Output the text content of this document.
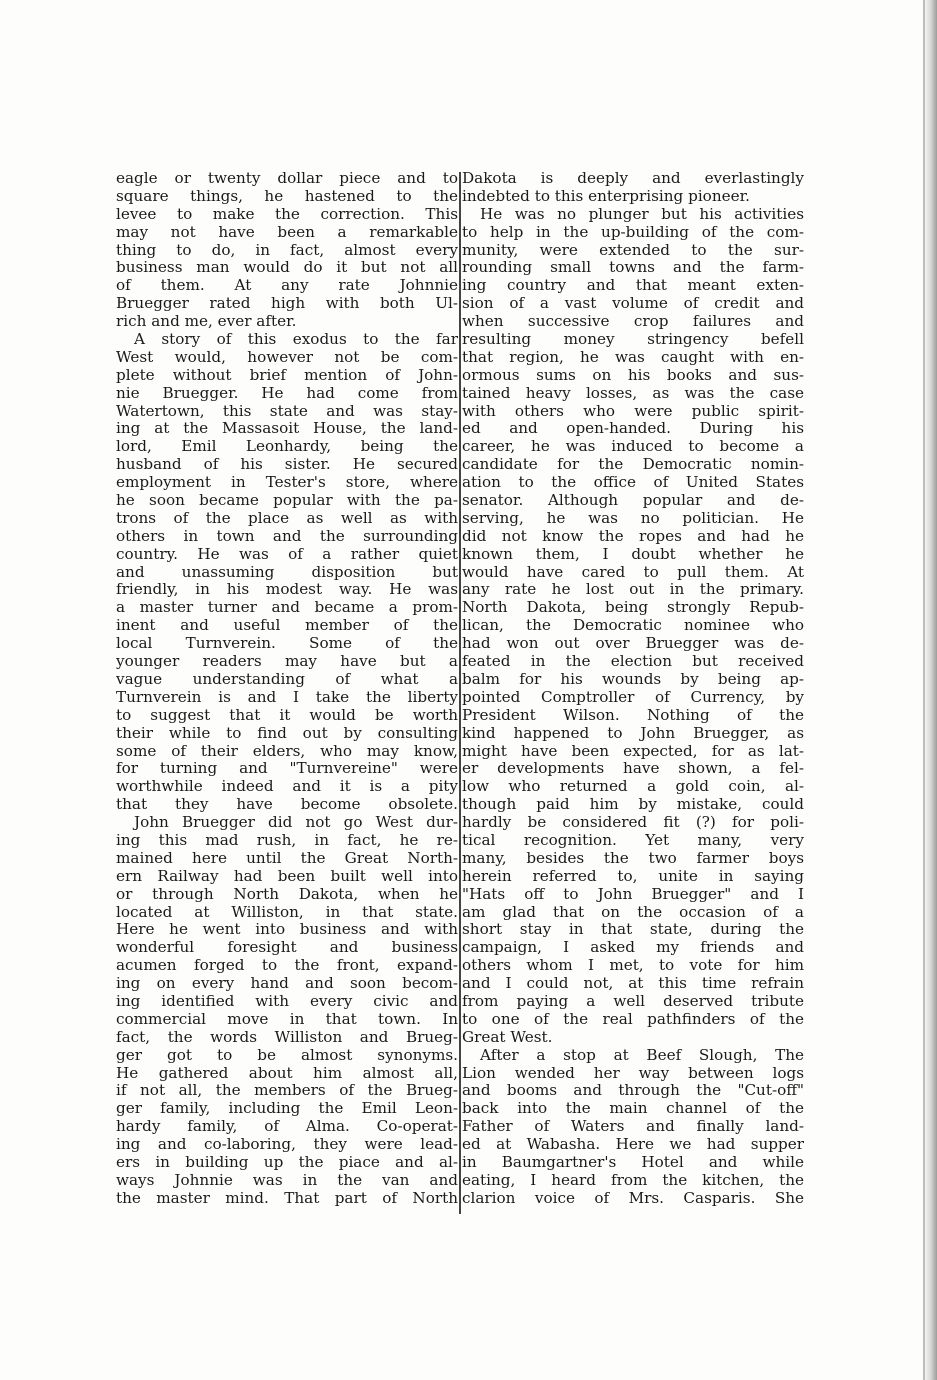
eagle or twenty dollar piece and to
square things, he hastened to the
levee to make the correction. This
may not have been a remarkable
thing to do, in fact, almost every
business man would do it but not all
of them. At any rate Johnnie
Bruegger rated high with both Ul-
rich and me, ever after.
A story of this exodus to the far
West would, however not be com-
plete without brief mention of John-
nie Bruegger. He had come from
Watertown, this state and was stay-
ing at the Massasoit House, the land-
lord, Emil Leonhardy, being the
husband of his sister. He secured
employment in Tester's store, where
he soon became popular with the pa-
trons of the place as well as with
others in town and the surrounding
country. He was of a rather quiet
and unassuming disposition but
friendly, in his modest way. He was
a master turner and became a prom-
inent and useful member of the
local Turnverein. Some of the
younger readers may have but a
vague understanding of what a
Turnverein is and I take the liberty
to suggest that it would be worth
their while to find out by consulting
some of their elders, who may know,
for turning and "Turnvereine" were
worthwhile indeed and it is a pity
that they have become obsolete.
John Bruegger did not go West dur-
ing this mad rush, in fact, he re-
mained here until the Great North-
ern Railway had been built well into
or through North Dakota, when he
located at Williston, in that state.
Here he went into business and with
wonderful foresight and business
acumen forged to the front, expand-
ing on every hand and soon becom-
ing identified with every civic and
commercial move in that town. In
fact, the words Williston and Brueg-
ger got to be almost synonyms.
He gathered about him almost all,
if not all, the members of the Brueg-
ger family, including the Emil Leon-
hardy family, of Alma. Co-operat-
ing and co-laboring, they were lead-
ers in building up the piace and al-
ways Johnnie was in the van and
the master mind. That part of North
Dakota is deeply and everlastingly
indebted to this enterprising pioneer.
He was no plunger but his activities
to help in the up-building of the com-
munity, were extended to the sur-
rounding small towns and the farm-
ing country and that meant exten-
sion of a vast volume of credit and
when successive crop failures and
resulting money stringency befell
that region, he was caught with en-
ormous sums on his books and sus-
tained heavy losses, as was the case
with others who were public spirit-
ed and open-handed. During his
career, he was induced to become a
candidate for the Democratic nomin-
ation to the office of United States
senator. Although popular and de-
serving, he was no politician. He
did not know the ropes and had he
known them, I doubt whether he
would have cared to pull them. At
any rate he lost out in the primary.
North Dakota, being strongly Repub-
lican, the Democratic nominee who
had won out over Bruegger was de-
feated in the election but received
balm for his wounds by being ap-
pointed Comptroller of Currency, by
President Wilson. Nothing of the
kind happened to John Bruegger, as
might have been expected, for as lat-
er developments have shown, a fel-
low who returned a gold coin, al-
though paid him by mistake, could
hardly be considered fit (?) for poli-
tical recognition. Yet many, very
many, besides the two farmer boys
herein referred to, unite in saying
"Hats off to John Bruegger" and I
am glad that on the occasion of a
short stay in that state, during the
campaign, I asked my friends and
others whom I met, to vote for him
and I could not, at this time refrain
from paying a well deserved tribute
to one of the real pathfinders of the
Great West.
After a stop at Beef Slough, The
Lion wended her way between logs
and booms and through the "Cut-off"
back into the main channel of the
Father of Waters and finally land-
ed at Wabasha. Here we had supper
in Baumgartner's Hotel and while
eating, I heard from the kitchen, the
clarion voice of Mrs. Casparis. She
